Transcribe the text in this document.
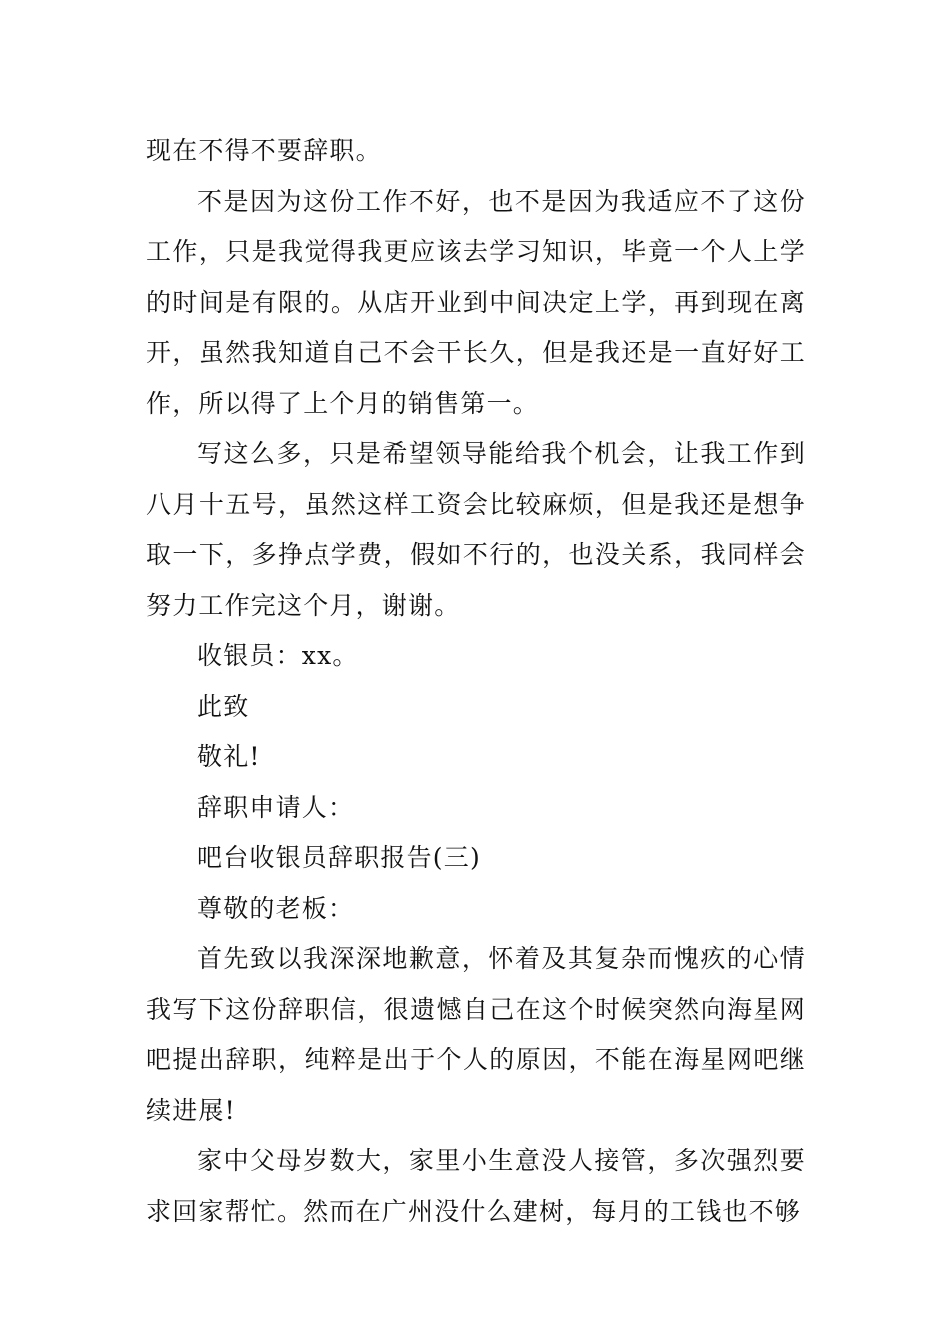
现在不得不要辞职。

不是因为这份工作不好，也不是因为我适应不了这份工作，只是我觉得我更应该去学习知识，毕竟一个人上学的时间是有限的。从店开业到中间决定上学，再到现在离开，虽然我知道自己不会干长久，但是我还是一直好好工作，所以得了上个月的销售第一。

写这么多，只是希望领导能给我个机会，让我工作到八月十五号，虽然这样工资会比较麻烦，但是我还是想争取一下，多挣点学费，假如不行的，也没关系，我同样会努力工作完这个月，谢谢。

收银员：xx。

此致

敬礼!

辞职申请人：

吧台收银员辞职报告(三)

尊敬的老板：

首先致以我深深地歉意，怀着及其复杂而愧疚的心情我写下这份辞职信，很遗憾自己在这个时候突然向海星网吧提出辞职，纯粹是出于个人的原因，不能在海星网吧继续进展!

家中父母岁数大，家里小生意没人接管，多次强烈要求回家帮忙。然而在广州没什么建树，每月的工钱也不够
